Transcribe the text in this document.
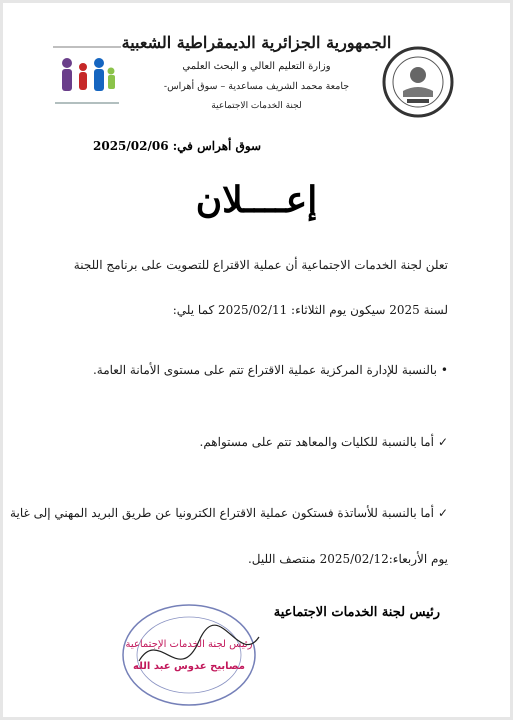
الجمهورية الجزائرية الديمقراطية الشعبية
وزارة التعليم العالي و البحث العلمي
جامعة محمد الشريف مساعدية – سوق أهراس-
لجنة الخدمات الاجتماعية
سوق أهراس في: 2025/02/06
إعــــلان
تعلن لجنة الخدمات الاجتماعية أن عملية الاقتراع للتصويت على برنامج اللجنة
لسنة 2025 سيكون يوم الثلاثاء: 2025/02/11 كما يلي:
•بالنسبة للإدارة المركزية عملية الاقتراع تتم على مستوى الأمانة العامة.
✓أما بالنسبة للكليات والمعاهد تتم على مستواهم.
✓أما بالنسبة للأساتذة فستكون عملية الاقتراع الكترونيا عن طريق البريد المهني إلى غاية
يوم الأربعاء:2025/02/12 منتصف الليل.
رئيس لجنة الخدمات الاجتماعية
رئيس لجنة الخدمات الإجتماعية
مصابيح عدوس عبد الله
